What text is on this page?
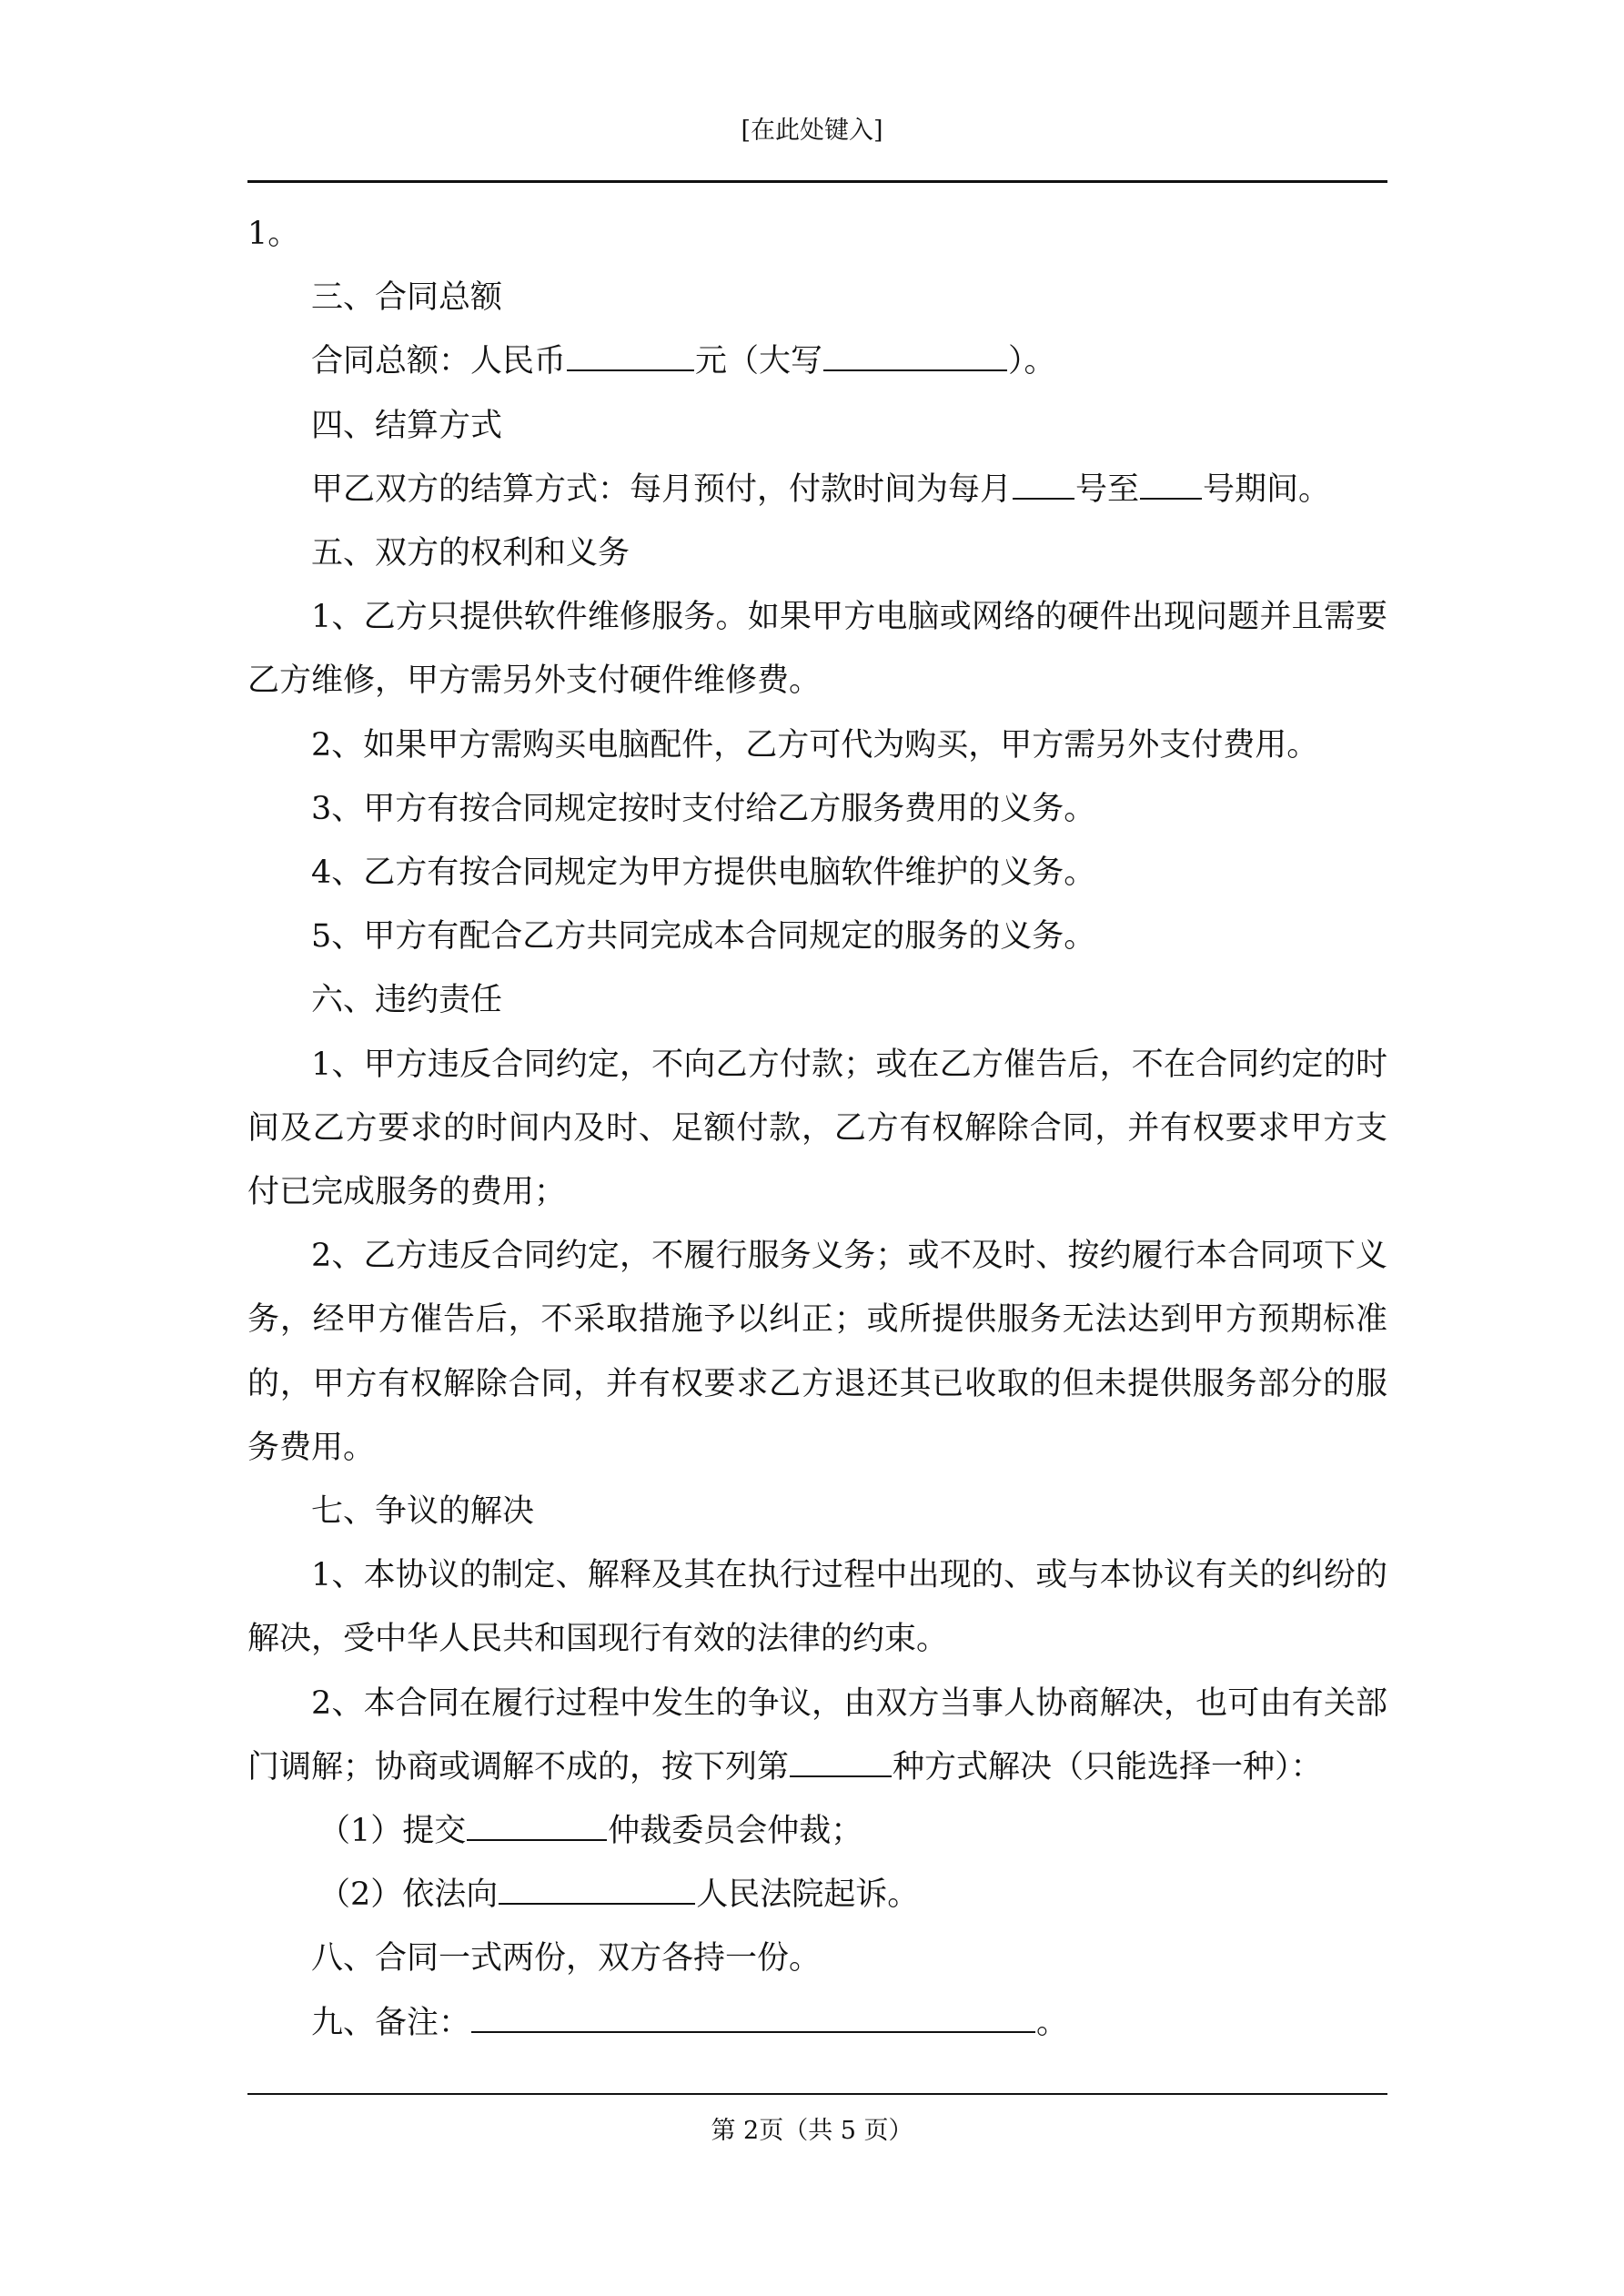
[在此处键入]

1。

三、合同总额

合同总额：人民币	元（大写	）。

四、结算方式

甲乙双方的结算方式：每月预付，付款时间为每月 号至 号期间。

五、双方的权利和义务

1、乙方只提供软件维修服务。如果甲方电脑或网络的硬件出现问题并且需要乙方维修，甲方需另外支付硬件维修费。

2、如果甲方需购买电脑配件，乙方可代为购买，甲方需另外支付费用。

3、甲方有按合同规定按时支付给乙方服务费用的义务。

4、乙方有按合同规定为甲方提供电脑软件维护的义务。

5、甲方有配合乙方共同完成本合同规定的服务的义务。

六、违约责任

1、甲方违反合同约定，不向乙方付款；或在乙方催告后，不在合同约定的时间及乙方要求的时间内及时、足额付款，乙方有权解除合同，并有权要求甲方支付已完成服务的费用；

2、乙方违反合同约定，不履行服务义务；或不及时、按约履行本合同项下义务，经甲方催告后，不采取措施予以纠正；或所提供服务无法达到甲方预期标准的，甲方有权解除合同，并有权要求乙方退还其已收取的但未提供服务部分的服务费用。

七、争议的解决

1、本协议的制定、解释及其在执行过程中出现的、或与本协议有关的纠纷的解决，受中华人民共和国现行有效的法律的约束。

2、本合同在履行过程中发生的争议，由双方当事人协商解决，也可由有关部门调解；协商或调解不成的，按下列第	种方式解决（只能选择一种）：

（1）提交	仲裁委员会仲裁；

（2）依法向	人民法院起诉。

八、合同一式两份，双方各持一份。

九、备注：	。

第 2页（共 5 页）
